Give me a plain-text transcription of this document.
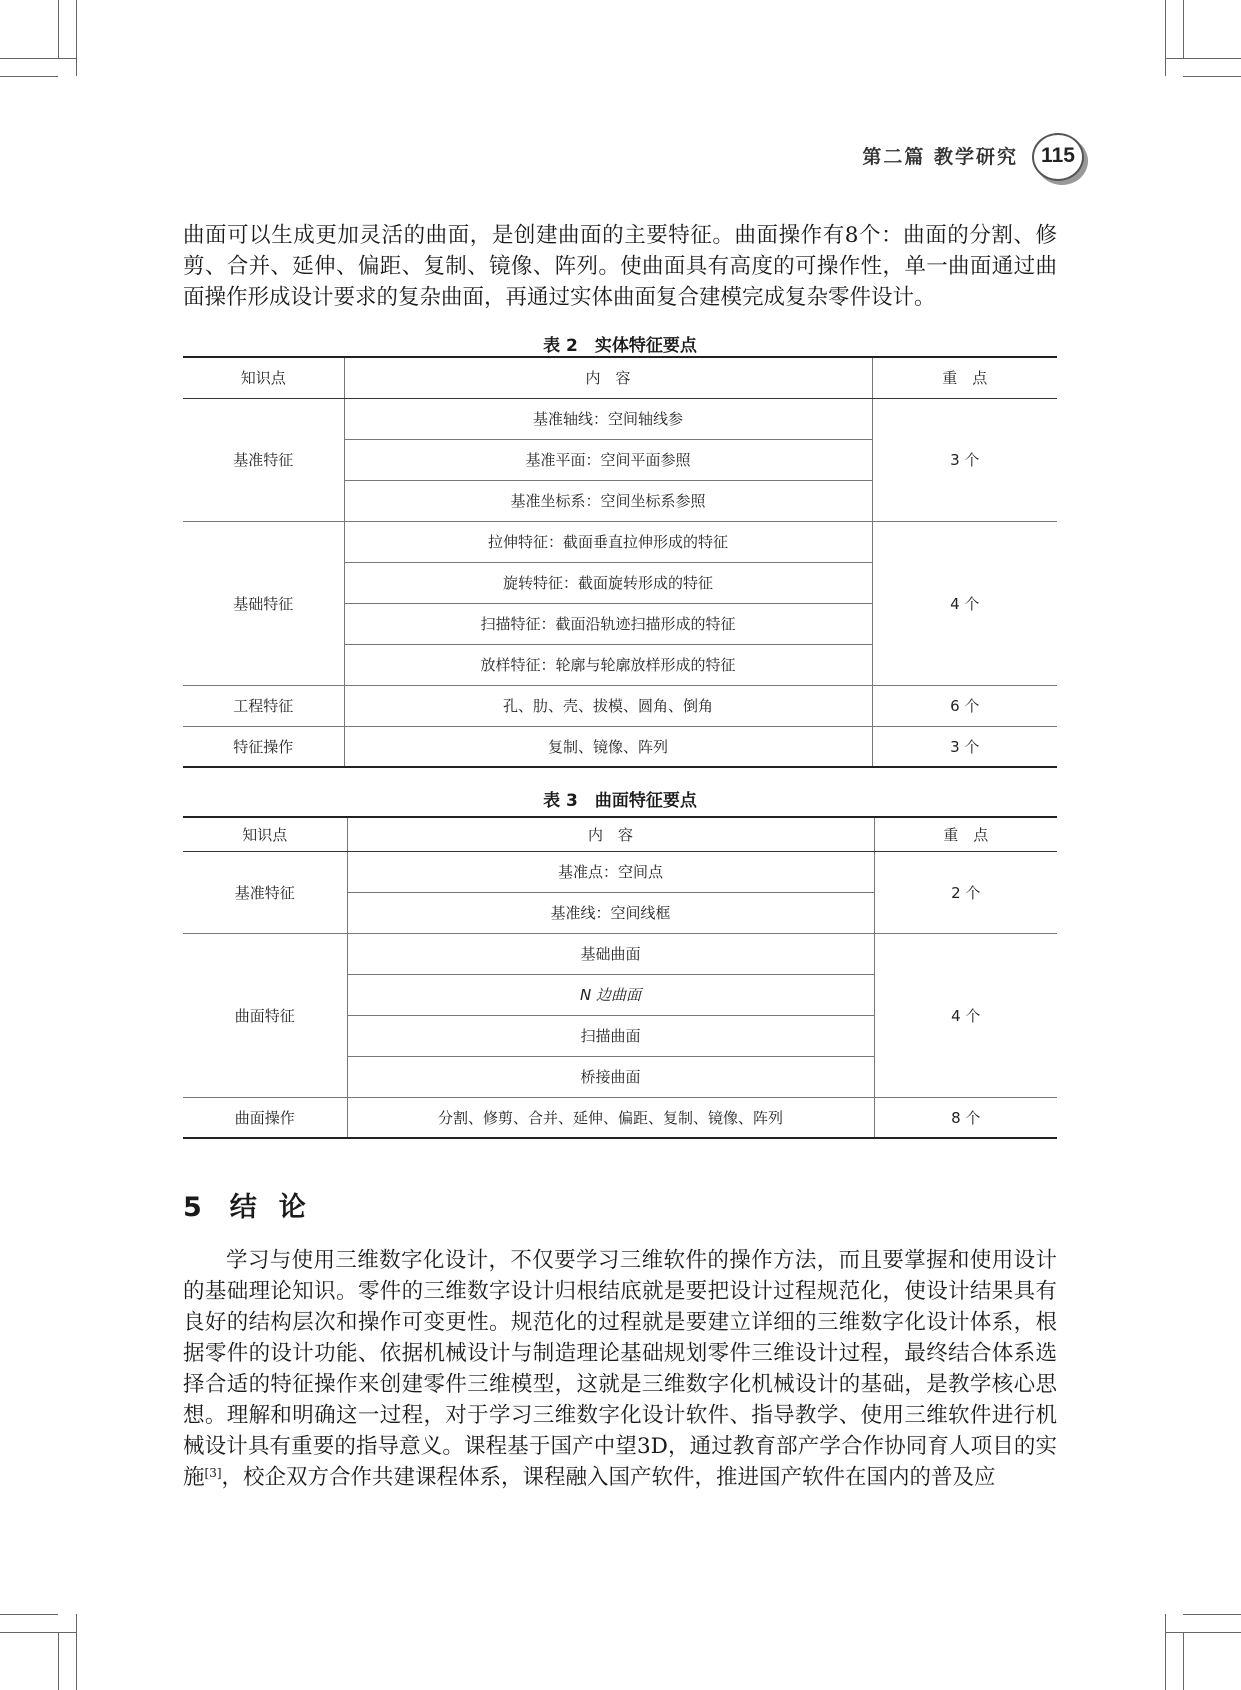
第二篇 教学研究	115

曲面可以生成更加灵活的曲面，是创建曲面的主要特征。曲面操作有8个：曲面的分割、修剪、合并、延伸、偏距、复制、镜像、阵列。使曲面具有高度的可操作性，单一曲面通过曲面操作形成设计要求的复杂曲面，再通过实体曲面复合建模完成复杂零件设计。

表 2　实体特征要点
知识点	内　容	重　点
基准特征	基准轴线：空间轴线参	3 个
	基准平面：空间平面参照	
	基准坐标系：空间坐标系参照	
基础特征	拉伸特征：截面垂直拉伸形成的特征	4 个
	旋转特征：截面旋转形成的特征	
	扫描特征：截面沿轨迹扫描形成的特征	
	放样特征：轮廓与轮廓放样形成的特征	
工程特征	孔、肋、壳、拔模、圆角、倒角	6 个
特征操作	复制、镜像、阵列	3 个
表 3　曲面特征要点
知识点	内　容	重　点
基准特征	基准点：空间点	2 个
	基准线：空间线框	
曲面特征	基础曲面	4 个
	N 边曲面	
	扫描曲面	
	桥接曲面	
曲面操作	分割、修剪、合并、延伸、偏距、复制、镜像、阵列	8 个
5 结论

学习与使用三维数字化设计，不仅要学习三维软件的操作方法，而且要掌握和使用设计的基础理论知识。零件的三维数字设计归根结底就是要把设计过程规范化，使设计结果具有良好的结构层次和操作可变更性。规范化的过程就是要建立详细的三维数字化设计体系，根据零件的设计功能、依据机械设计与制造理论基础规划零件三维设计过程，最终结合体系选择合适的特征操作来创建零件三维模型，这就是三维数字化机械设计的基础，是教学核心思想。理解和明确这一过程，对于学习三维数字化设计软件、指导教学、使用三维软件进行机械设计具有重要的指导意义。课程基于国产中望3D，通过教育部产学合作协同育人项目的实施[3]，校企双方合作共建课程体系，课程融入国产软件，推进国产软件在国内的普及应
